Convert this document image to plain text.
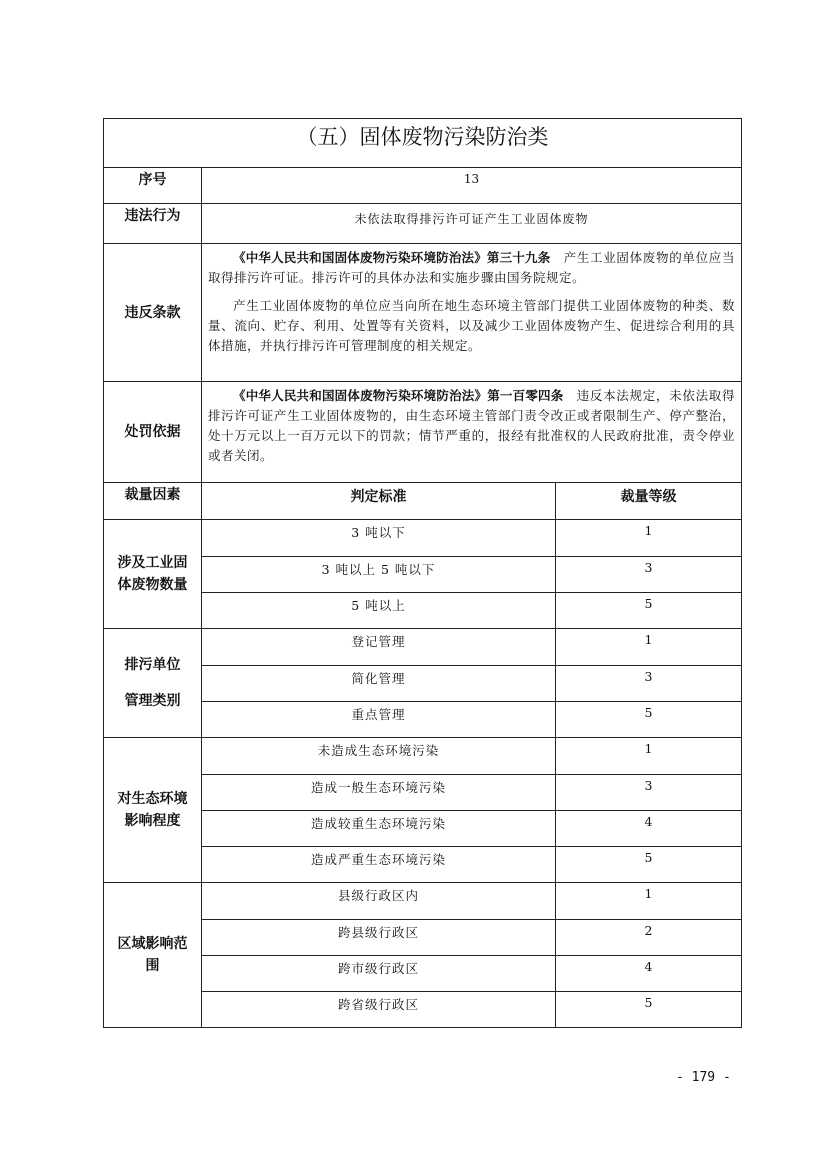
（五）固体废物污染防治类
序号	13
违法行为	未依法取得排污许可证产生工业固体废物
违反条款

《中华人民共和国固体废物污染环境防治法》第三十九条　产生工业固体废物的单位应当取得排污许可证。排污许可的具体办法和实施步骤由国务院规定。

产生工业固体废物的单位应当向所在地生态环境主管部门提供工业固体废物的种类、数量、流向、贮存、利用、处置等有关资料，以及减少工业固体废物产生、促进综合利用的具体措施，并执行排污许可管理制度的相关规定。

处罚依据

《中华人民共和国固体废物污染环境防治法》第一百零四条　违反本法规定，未依法取得排污许可证产生工业固体废物的，由生态环境主管部门责令改正或者限制生产、停产整治，处十万元以上一百万元以下的罚款；情节严重的，报经有批准权的人民政府批准，责令停业或者关闭。

裁量因素	判定标准	裁量等级
涉及工业固体废物数量
3 吨以下	1
3 吨以上 5 吨以下	3
5 吨以上	5
排污单位管理类别
登记管理	1
简化管理	3
重点管理	5
对生态环境影响程度
未造成生态环境污染	1
造成一般生态环境污染	3
造成较重生态环境污染	4
造成严重生态环境污染	5
区域影响范围
县级行政区内	1
跨县级行政区	2
跨市级行政区	4
跨省级行政区	5
- 179 -
